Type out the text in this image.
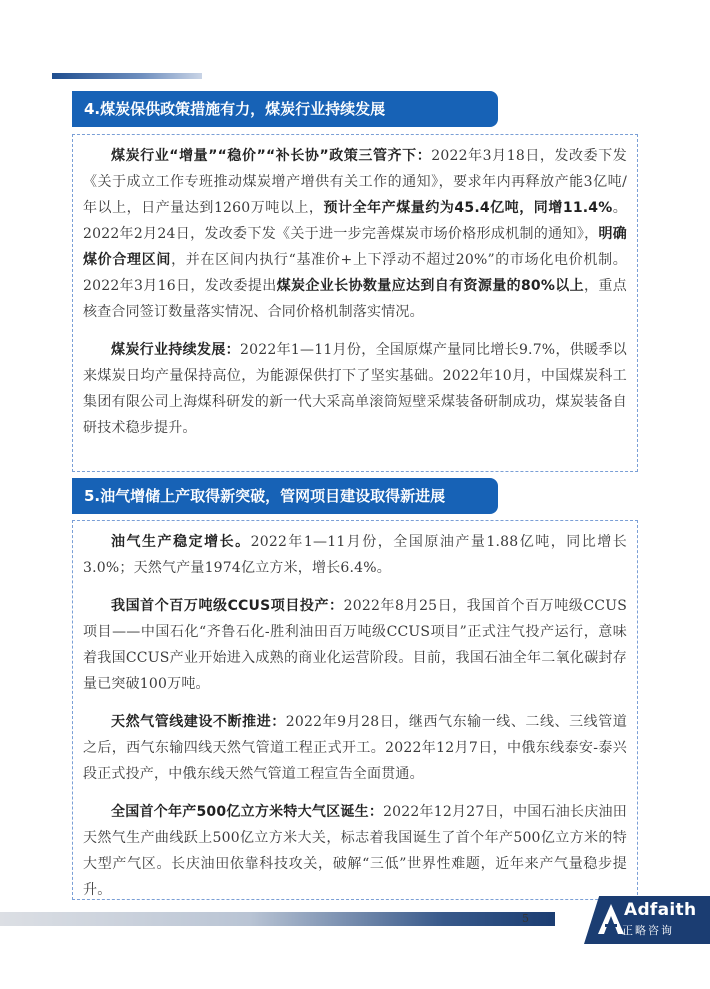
4.煤炭保供政策措施有力，煤炭行业持续发展

煤炭行业“增量”“稳价”“补长协”政策三管齐下：2022年3月18日，发改委下发《关于成立工作专班推动煤炭增产增供有关工作的通知》，要求年内再释放产能3亿吨/年以上，日产量达到1260万吨以上，预计全年产煤量约为45.4亿吨，同增11.4%。2022年2月24日，发改委下发《关于进一步完善煤炭市场价格形成机制的通知》，明确煤价合理区间，并在区间内执行“基准价+上下浮动不超过20%”的市场化电价机制。2022年3月16日，发改委提出煤炭企业长协数量应达到自有资源量的80%以上，重点核查合同签订数量落实情况、合同价格机制落实情况。

煤炭行业持续发展：2022年1—11月份，全国原煤产量同比增长9.7%，供暖季以来煤炭日均产量保持高位，为能源保供打下了坚实基础。2022年10月，中国煤炭科工集团有限公司上海煤科研发的新一代大采高单滚筒短壁采煤装备研制成功，煤炭装备自研技术稳步提升。

5.油气增储上产取得新突破，管网项目建设取得新进展

油气生产稳定增长。2022年1—11月份，全国原油产量1.88亿吨，同比增长3.0%；天然气产量1974亿立方米，增长6.4%。

我国首个百万吨级CCUS项目投产：2022年8月25日，我国首个百万吨级CCUS项目——中国石化“齐鲁石化-胜利油田百万吨级CCUS项目”正式注气投产运行，意味着我国CCUS产业开始进入成熟的商业化运营阶段。目前，我国石油全年二氧化碳封存量已突破100万吨。

天然气管线建设不断推进：2022年9月28日，继西气东输一线、二线、三线管道之后，西气东输四线天然气管道工程正式开工。2022年12月7日，中俄东线泰安-泰兴段正式投产，中俄东线天然气管道工程宣告全面贯通。

全国首个年产500亿立方米特大气区诞生：2022年12月27日，中国石油长庆油田天然气生产曲线跃上500亿立方米大关，标志着我国诞生了首个年产500亿立方米的特大型产气区。长庆油田依靠科技攻关，破解“三低”世界性难题，近年来产气量稳步提升。

5	Adfaith
正略咨询
